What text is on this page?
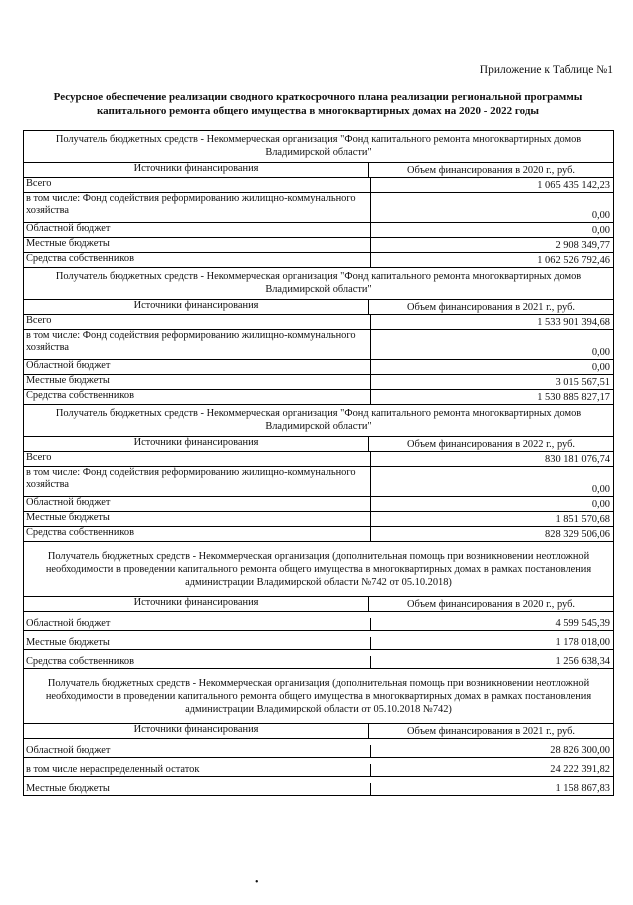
Приложение к Таблице №1
Ресурсное обеспечение реализации сводного краткосрочного плана реализации региональной программы капитального ремонта общего имущества в многоквартирных домах на 2020 - 2022 годы
Получатель бюджетных средств - Некоммерческая организация "Фонд капитального ремонта многоквартирных домов Владимирской области"
Источники финансирования	Объем финансирования в 2020 г., руб.
Всего	1 065 435 142,23
в том числе: Фонд содействия реформированию жилищно-коммунального хозяйства	0,00
Областной бюджет	0,00
Местные бюджеты	2 908 349,77
Средства собственников	1 062 526 792,46
Получатель бюджетных средств - Некоммерческая организация "Фонд капитального ремонта многоквартирных домов Владимирской области"
Источники финансирования	Объем финансирования в 2021 г., руб.
Всего	1 533 901 394,68
в том числе: Фонд содействия реформированию жилищно-коммунального хозяйства	0,00
Областной бюджет	0,00
Местные бюджеты	3 015 567,51
Средства собственников	1 530 885 827,17
Получатель бюджетных средств - Некоммерческая организация "Фонд капитального ремонта многоквартирных домов Владимирской области"
Источники финансирования	Объем финансирования в 2022 г., руб.
Всего	830 181 076,74
в том числе: Фонд содействия реформированию жилищно-коммунального хозяйства	0,00
Областной бюджет	0,00
Местные бюджеты	1 851 570,68
Средства собственников	828 329 506,06
Получатель бюджетных средств - Некоммерческая организация (дополнительная помощь при возникновении неотложной необходимости в проведении капитального ремонта общего имущества в многоквартирных домах в рамках постановления администрации Владимирской области №742 от 05.10.2018)
Источники финансирования	Объем финансирования в 2020 г., руб.
Областной бюджет	4 599 545,39
Местные бюджеты	1 178 018,00
Средства собственников	1 256 638,34
Получатель бюджетных средств - Некоммерческая организация (дополнительная помощь при возникновении неотложной необходимости в проведении капитального ремонта общего имущества в многоквартирных домах в рамках постановления администрации Владимирской области от 05.10.2018 №742)
Источники финансирования	Объем финансирования в 2021 г., руб.
Областной бюджет	28 826 300,00
в том числе нераспределенный остаток	24 222 391,82
Местные бюджеты	1 158 867,83
•
